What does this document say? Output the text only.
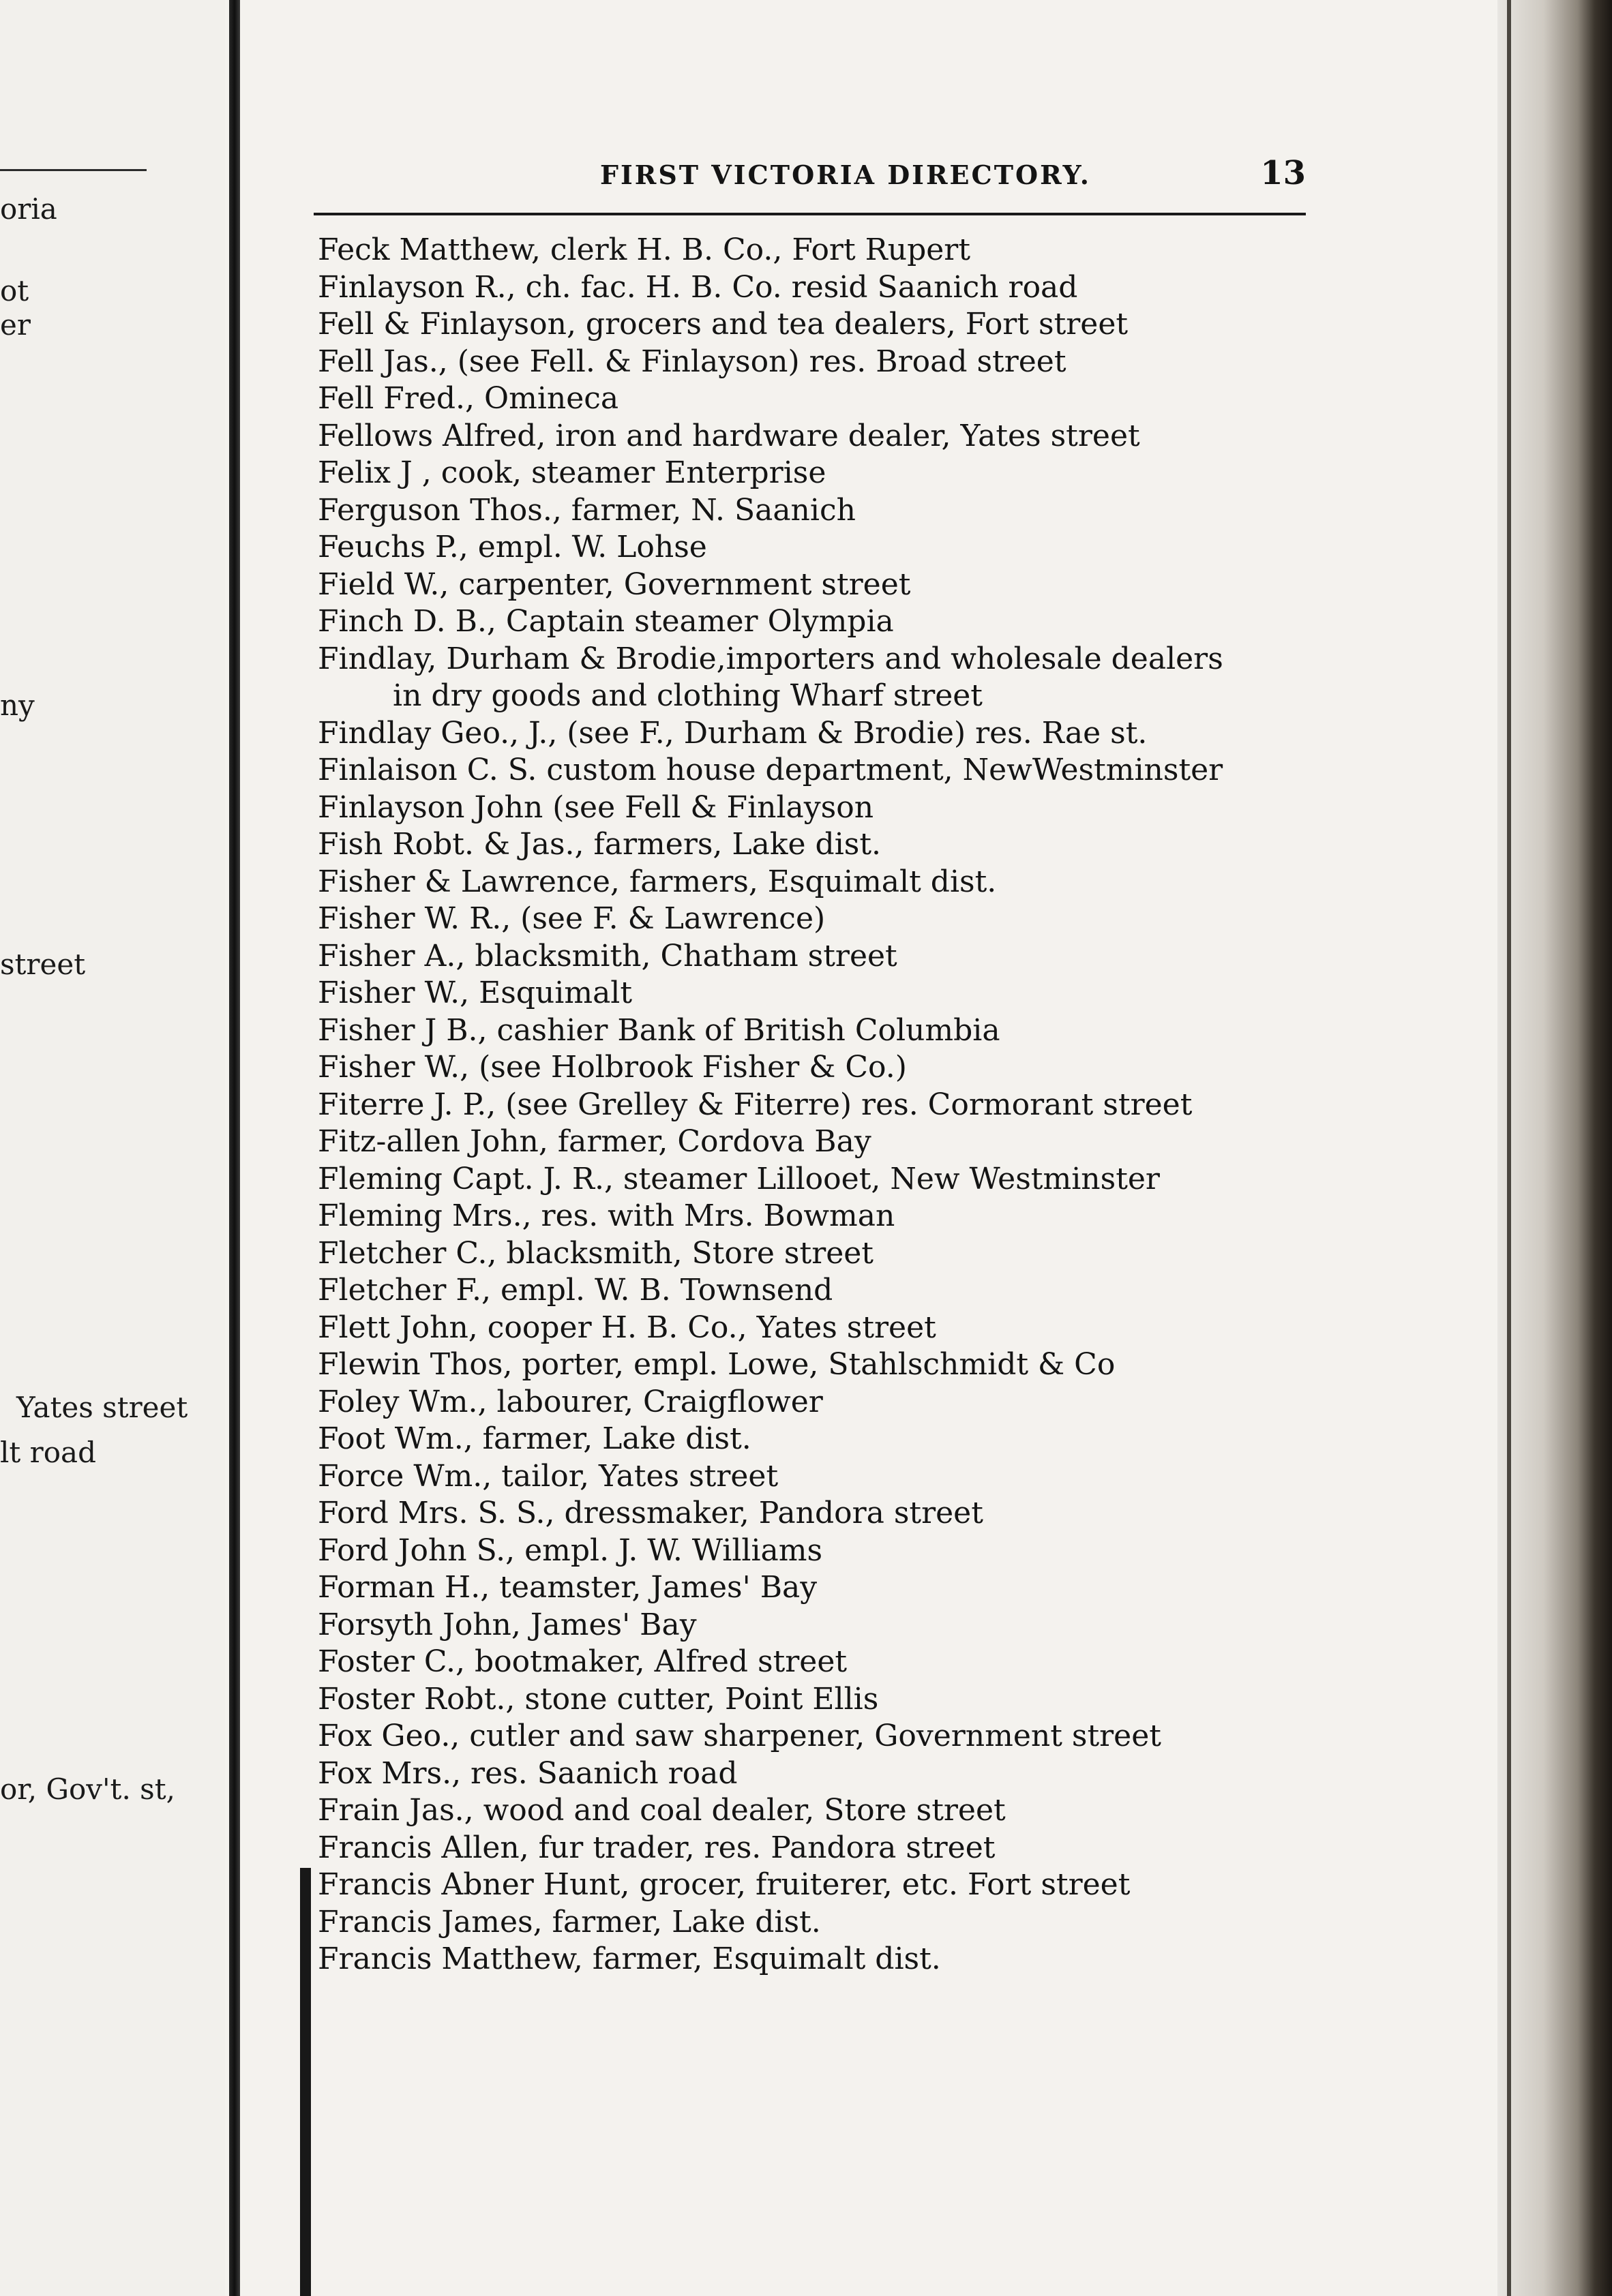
oria
ot
er
ny
street
Yates street
lt road
or, Gov't. st,
FIRST VICTORIA DIRECTORY.	13
Feck Matthew, clerk H. B. Co., Fort Rupert
Finlayson R., ch. fac. H. B. Co. resid Saanich road
Fell & Finlayson, grocers and tea dealers, Fort street
Fell Jas., (see Fell. & Finlayson) res. Broad street
Fell Fred., Omineca
Fellows Alfred, iron and hardware dealer, Yates street
Felix J , cook, steamer Enterprise
Ferguson Thos., farmer, N. Saanich
Feuchs P., empl. W. Lohse
Field W., carpenter, Government street
Finch D. B., Captain steamer Olympia
Findlay, Durham & Brodie,importers and wholesale dealers
in dry goods and clothing Wharf street
Findlay Geo., J., (see F., Durham & Brodie) res. Rae st.
Finlaison C. S. custom house department, NewWestminster
Finlayson John (see Fell & Finlayson
Fish Robt. & Jas., farmers, Lake dist.
Fisher & Lawrence, farmers, Esquimalt dist.
Fisher W. R., (see F. & Lawrence)
Fisher A., blacksmith, Chatham street
Fisher W., Esquimalt
Fisher J B., cashier Bank of British Columbia
Fisher W., (see Holbrook Fisher & Co.)
Fiterre J. P., (see Grelley & Fiterre) res. Cormorant street
Fitz-allen John, farmer, Cordova Bay
Fleming Capt. J. R., steamer Lillooet, New Westminster
Fleming Mrs., res. with Mrs. Bowman
Fletcher C., blacksmith, Store street
Fletcher F., empl. W. B. Townsend
Flett John, cooper H. B. Co., Yates street
Flewin Thos, porter, empl. Lowe, Stahlschmidt & Co
Foley Wm., labourer, Craigflower
Foot Wm., farmer, Lake dist.
Force Wm., tailor, Yates street
Ford Mrs. S. S., dressmaker, Pandora street
Ford John S., empl. J. W. Williams
Forman H., teamster, James' Bay
Forsyth John, James' Bay
Foster C., bootmaker, Alfred street
Foster Robt., stone cutter, Point Ellis
Fox Geo., cutler and saw sharpener, Government street
Fox Mrs., res. Saanich road
Frain Jas., wood and coal dealer, Store street
Francis Allen, fur trader, res. Pandora street
Francis Abner Hunt, grocer, fruiterer, etc. Fort street
Francis James, farmer, Lake dist.
Francis Matthew, farmer, Esquimalt dist.
